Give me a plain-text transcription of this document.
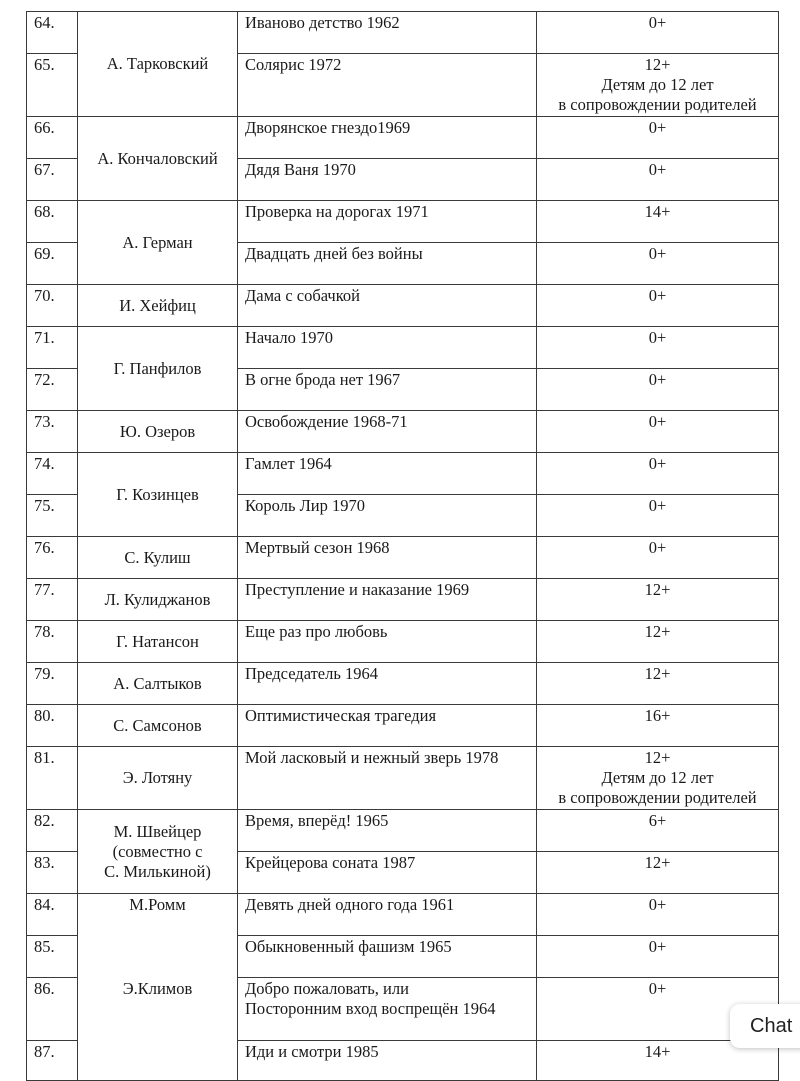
64.	А. Тарковский	Иваново детство 1962	0+

65.		Солярис 1972	12+
Детям до 12 лет
в сопровождении родителей

66.	А. Кончаловский	Дворянское гнездо1969	0+

67.		Дядя Ваня 1970	0+

68.	А. Герман	Проверка на дорогах 1971	14+

69.		Двадцать дней без войны	0+

70.	И. Хейфиц	Дама с собачкой	0+

71.	Г. Панфилов	Начало 1970	0+

72.		В огне брода нет 1967	0+

73.	Ю. Озеров	Освобождение 1968-71	0+

74.	Г. Козинцев	Гамлет 1964	0+

75.		Король Лир 1970	0+

76.	С. Кулиш	Мертвый сезон 1968	0+

77.	Л. Кулиджанов	Преступление и наказание 1969	12+

78.	Г. Натансон	Еще раз про любовь	12+

79.	А. Салтыков	Председатель 1964	12+

80.	С. Самсонов	Оптимистическая трагедия	16+

81.	Э. Лотяну	Мой ласковый и нежный зверь 1978	12+
Детям до 12 лет
в сопровождении родителей

82.	М. Швейцер
(совместно с
С. Милькиной)	Время, вперёд! 1965	6+

83.		Крейцерова соната 1987	12+

84.	М.Ромм	Девять дней одного года 1961	0+

85.		Обыкновенный фашизм 1965	0+

86.	Э.Климов	Добро пожаловать, или
Посторонним вход воспрещён 1964	0+

87.		Иди и смотри 1985	14+
Chat
